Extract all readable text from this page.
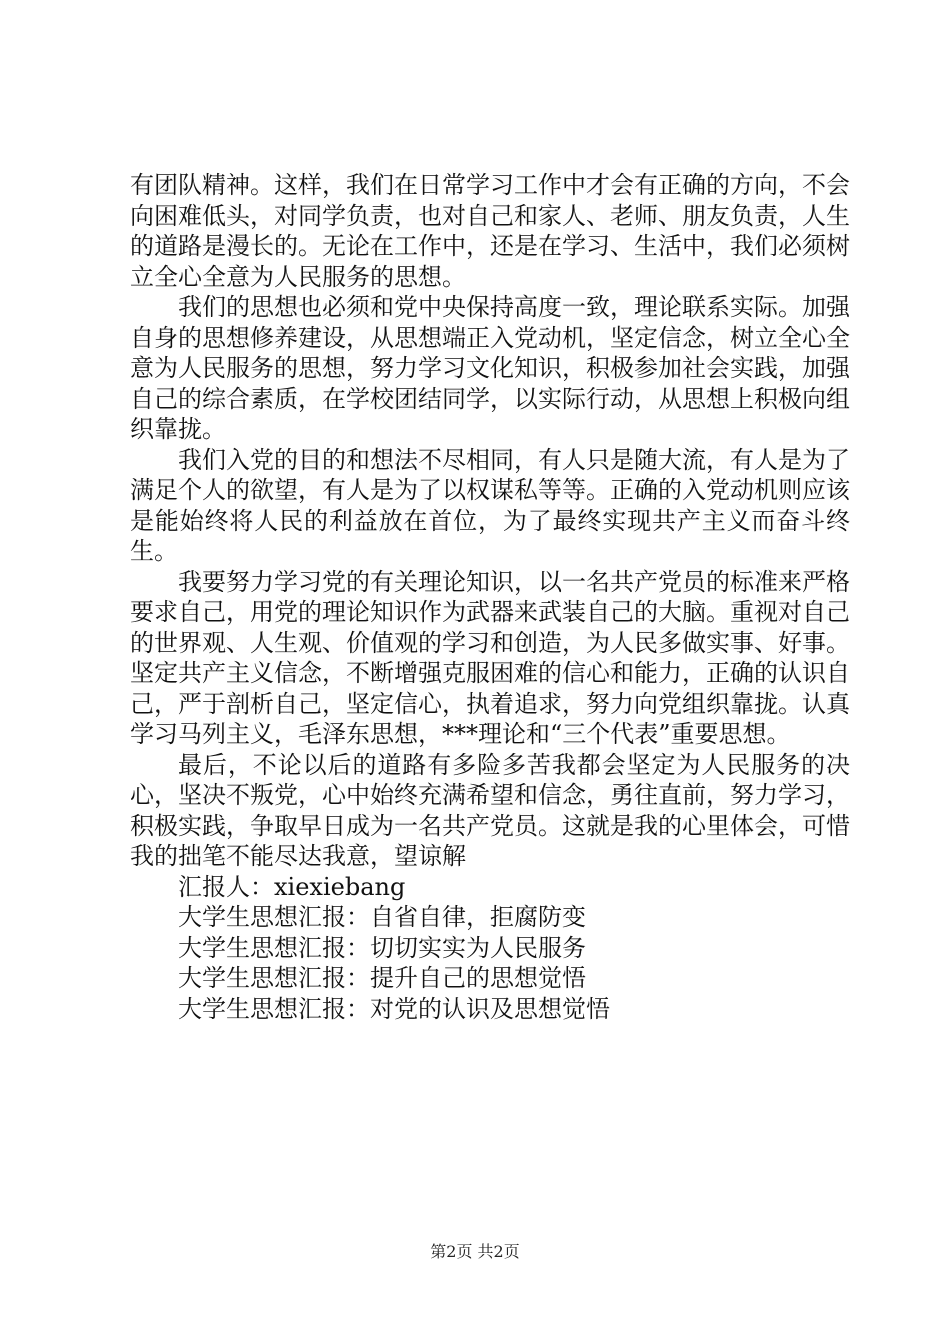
有团队精神。这样，我们在日常学习工作中才会有正确的方向，不会向困难低头，对同学负责，也对自己和家人、老师、朋友负责，人生的道路是漫长的。无论在工作中，还是在学习、生活中，我们必须树立全心全意为人民服务的思想。

我们的思想也必须和党中央保持高度一致，理论联系实际。加强自身的思想修养建设，从思想端正入党动机，坚定信念，树立全心全意为人民服务的思想，努力学习文化知识，积极参加社会实践，加强自己的综合素质，在学校团结同学，以实际行动，从思想上积极向组织靠拢。

我们入党的目的和想法不尽相同，有人只是随大流，有人是为了满足个人的欲望，有人是为了以权谋私等等。正确的入党动机则应该是能始终将人民的利益放在首位，为了最终实现共产主义而奋斗终生。

我要努力学习党的有关理论知识，以一名共产党员的标准来严格要求自己，用党的理论知识作为武器来武装自己的大脑。重视对自己的世界观、人生观、价值观的学习和创造，为人民多做实事、好事。坚定共产主义信念，不断增强克服困难的信心和能力，正确的认识自己，严于剖析自己，坚定信心，执着追求，努力向党组织靠拢。认真学习马列主义，毛泽东思想，***理论和“三个代表”重要思想。

最后，不论以后的道路有多险多苦我都会坚定为人民服务的决心，坚决不叛党，心中始终充满希望和信念，勇往直前，努力学习，积极实践，争取早日成为一名共产党员。这就是我的心里体会，可惜我的拙笔不能尽达我意，望谅解

汇报人：xiexiebang

大学生思想汇报：自省自律，拒腐防变

大学生思想汇报：切切实实为人民服务

大学生思想汇报：提升自己的思想觉悟

大学生思想汇报：对党的认识及思想觉悟

第2页 共2页
